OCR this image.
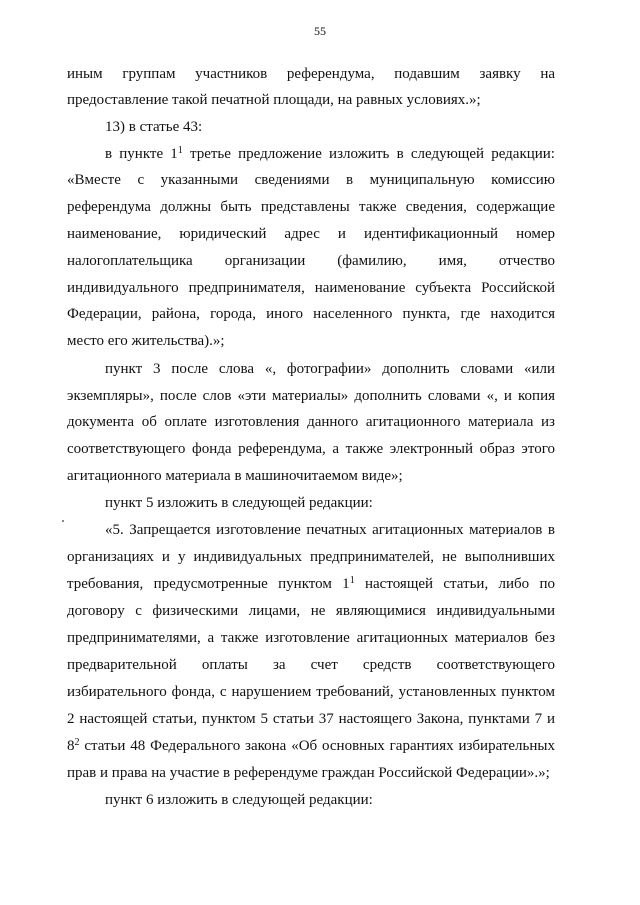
55
иным группам участников референдума, подавшим заявку на
предоставление такой печатной площади, на равных условиях.»;
13) в статье 43:
в пункте $1^1$ третье предложение изложить в следующей редакции:
«Вместе с указанными сведениями в муниципальную комиссию
референдума должны быть представлены также сведения, содержащие
наименование, юридический адрес и идентификационный номер
налогоплательщика организации (фамилию, имя, отчество
индивидуального предпринимателя, наименование субъекта Российской
Федерации, района, города, иного населенного пункта, где находится
место его жительства).»;
пункт 3 после слова «, фотографии» дополнить словами «или
экземпляры», после слов «эти материалы» дополнить словами «, и копия
документа об оплате изготовления данного агитационного материала из
соответствующего фонда референдума, а также электронный образ этого
агитационного материала в машиночитаемом виде»;
пункт 5 изложить в следующей редакции:
«5. Запрещается изготовление печатных агитационных материалов в
организациях и у индивидуальных предпринимателей, не выполнивших
требования, предусмотренные пунктом $1^1$ настоящей статьи, либо по
договору с физическими лицами, не являющимися индивидуальными
предпринимателями, а также изготовление агитационных материалов без
предварительной оплаты за счет средств соответствующего
избирательного фонда, с нарушением требований, установленных пунктом
2 настоящей статьи, пунктом 5 статьи 37 настоящего Закона, пунктами 7 и
$8^2$ статьи 48 Федерального закона «Об основных гарантиях избирательных
прав и права на участие в референдуме граждан Российской Федерации».»;
пункт 6 изложить в следующей редакции:
